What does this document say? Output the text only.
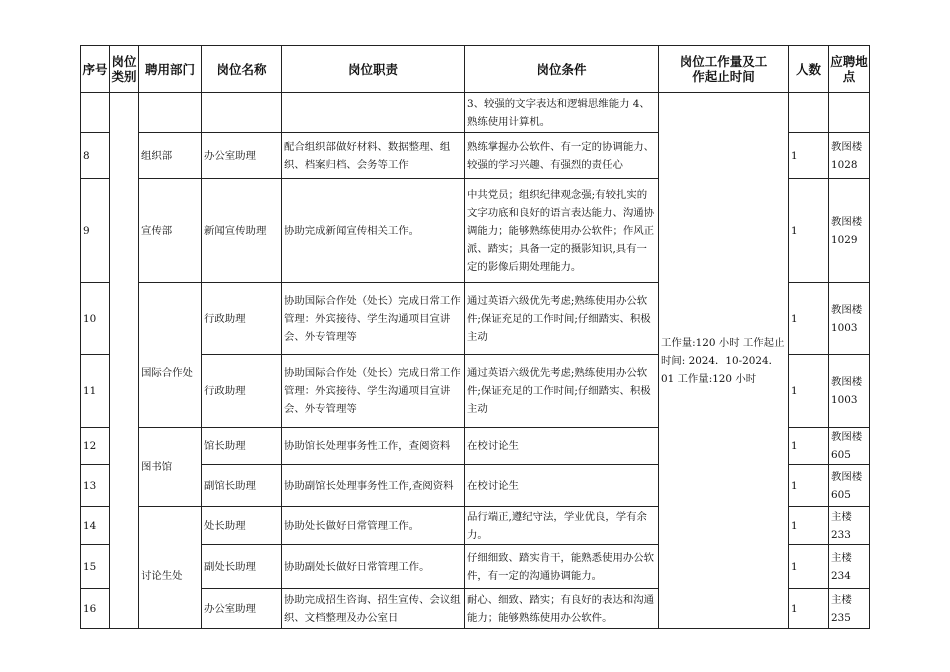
序号	岗位类别	聘用部门	岗位名称	岗位职责	岗位条件	岗位工作量及工作起止时间	人数	应聘地点
					3、较强的文字表达和逻辑思维能力 4、熟练使用计算机。	工作量:120 小时 工作起止时间: 2024．10-2024．01 工作量:120 小时		
8		组织部	办公室助理	配合组织部做好材料、数据整理、组织、档案归档、会务等工作	熟练掌握办公软件、有一定的协调能力、较强的学习兴趣、有强烈的责任心		1	教图楼1028
9		宣传部	新闻宣传助理	协助完成新闻宣传相关工作。	中共党员；组织纪律观念强;有较扎实的文字功底和良好的语言表达能力、沟通协调能力；能够熟练使用办公软件；作风正派、踏实；具备一定的摄影知识,具有一定的影像后期处理能力。		1	教图楼1029
10		国际合作处	行政助理	协助国际合作处（处长）完成日常工作管理：外宾接待、学生沟通项目宣讲会、外专管理等	通过英语六级优先考虑;熟练使用办公软件;保证充足的工作时间;仔细踏实、积极主动		1	教图楼1003
11			行政助理	协助国际合作处（处长）完成日常工作管理：外宾接待、学生沟通项目宣讲会、外专管理等	通过英语六级优先考虑;熟练使用办公软件;保证充足的工作时间;仔细踏实、积极主动		1	教图楼1003
12		图书馆	馆长助理	协助馆长处理事务性工作，查阅资料	在校讨论生		1	教图楼605
13			副馆长助理	协助副馆长处理事务性工作,查阅资料	在校讨论生		1	教图楼605
14		讨论生处	处长助理	协助处长做好日常管理工作。	品行端正,遵纪守法，学业优良，学有余力。		1	主楼233
15			副处长助理	协助副处长做好日常管理工作。	仔细细致、踏实肯干，能熟悉使用办公软件，有一定的沟通协调能力。		1	主楼234
16			办公室助理	协助完成招生咨询、招生宣传、会议组织、文档整理及办公室日	耐心、细致、踏实；有良好的表达和沟通能力；能够熟练使用办公软件。		1	主楼235
